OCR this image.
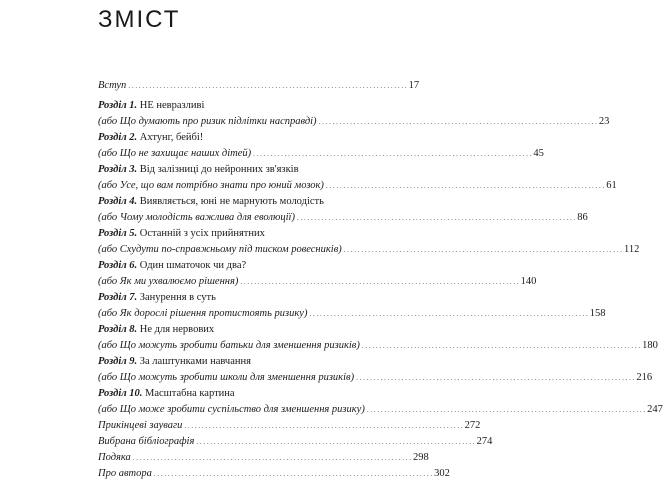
ЗМІСТ
Вступ . . .	17
Розділ 1. НЕ невразливі
(або Що думають про ризик підлітки насправді) . . .	23
Розділ 2. Ахтунг, бейбі!
(або Що не захищає наших дітей) . . .	45
Розділ 3. Від залізниці до нейронних зв'язків
(або Усе, що вам потрібно знати про юний мозок) . . .	61
Розділ 4. Виявляється, юні не марнують молодість
(або Чому молодість важлива для еволюції) . . .	86
Розділ 5. Останній з усіх прийнятних
(або Схудути по-справжньому під тиском ровесників) . . .	112
Розділ 6. Один шматочок чи два?
(або Як ми ухвалюємо рішення) . . .	140
Розділ 7. Занурення в суть
(або Як дорослі рішення протистоять ризику) . . .	158
Розділ 8. Не для нервових
(або Що можуть зробити батьки для зменшення ризиків) . . .	180
Розділ 9. За лаштунками навчання
(або Що можуть зробити школи для зменшення ризиків) . . .	216
Розділ 10. Масштабна картина
(або Що може зробити суспільство для зменшення ризику) . . .	247
Прикінцеві зауваги . . .	272
Вибрана бібліографія . . .	274
Подяка . . .	298
Про автора . . .	302
